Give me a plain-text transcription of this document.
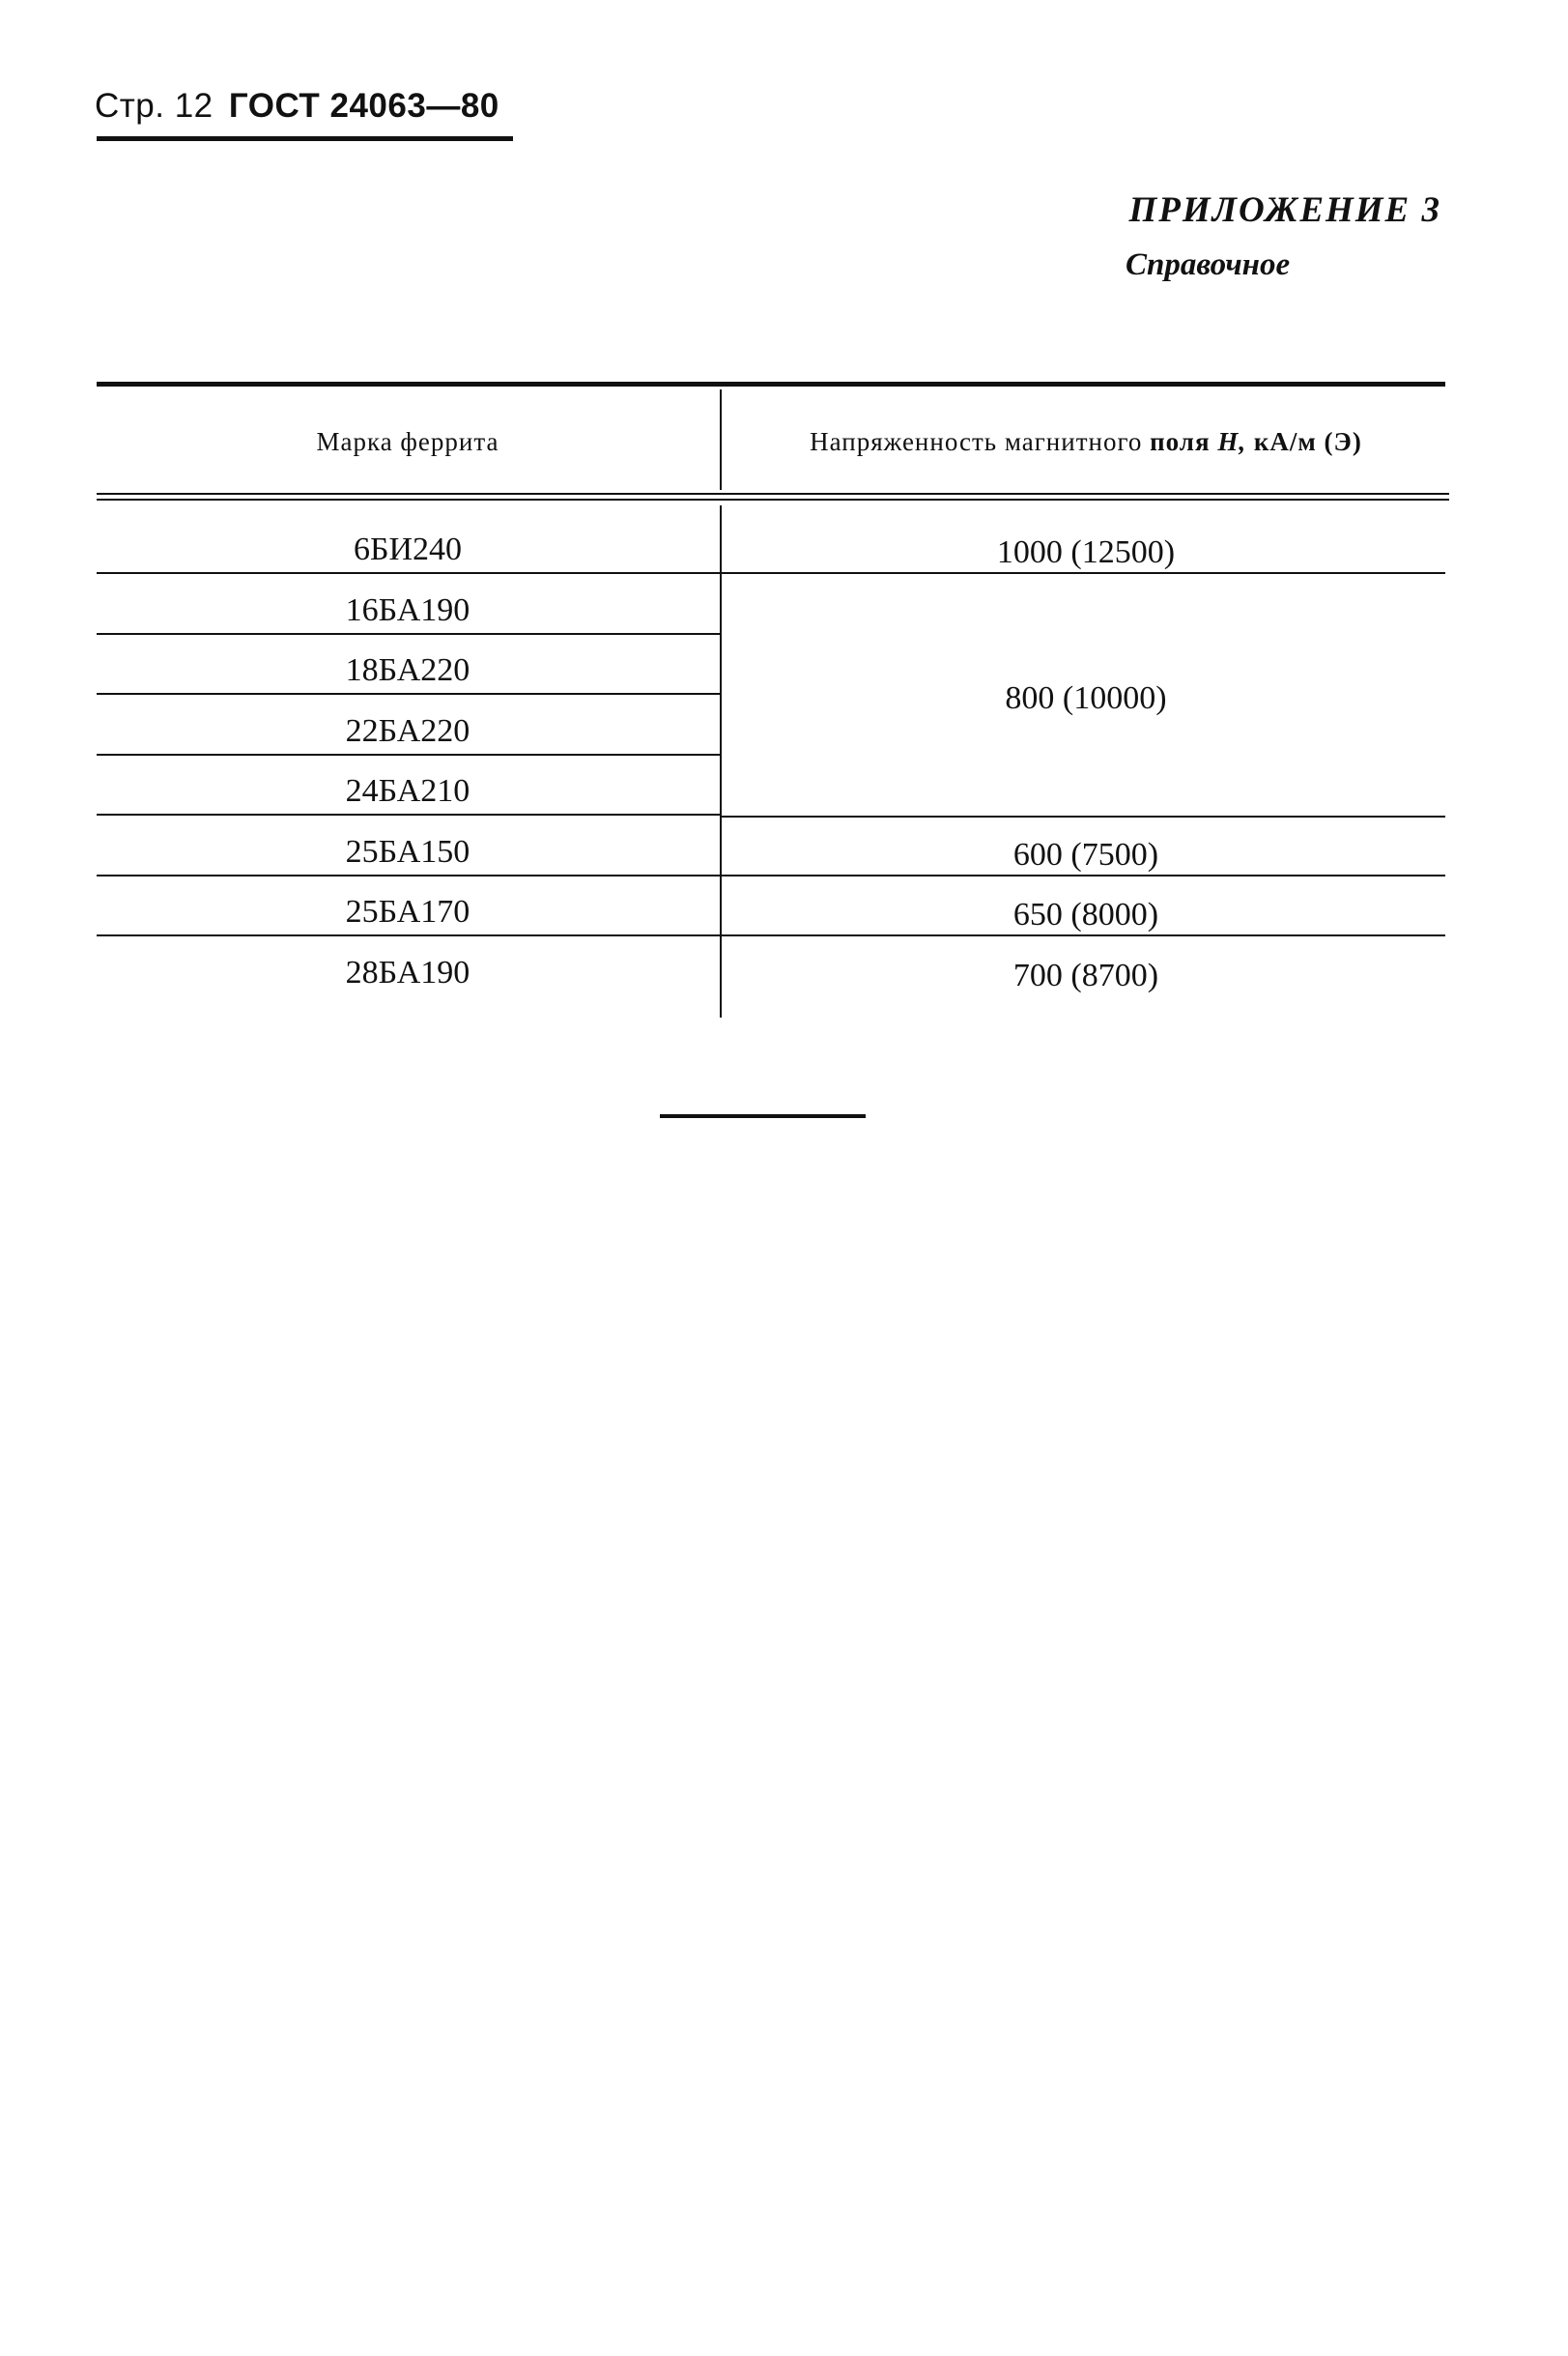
Стр. 12 ГОСТ 24063—80
ПРИЛОЖЕНИЕ 3
Справочное
Марка феррита	Напряженность магнитного поля H, кА/м (Э)
6БИ240
16БА190
18БА220
22БА220
24БА210
25БА150
25БА170
28БА190
1000 (12500)
800 (10000)
600 (7500)
650 (8000)
700 (8700)
